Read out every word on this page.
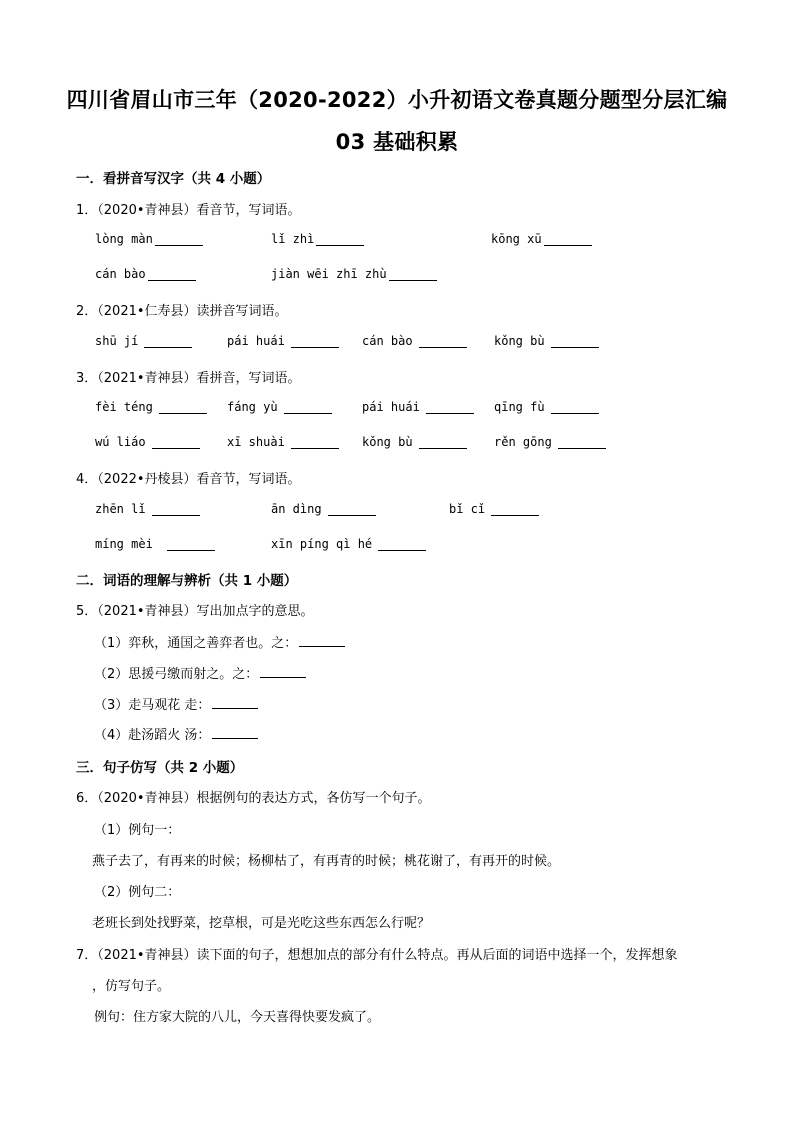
四川省眉山市三年（2020-2022）小升初语文卷真题分题型分层汇编
03 基础积累
一．看拼音写汉字（共 4 小题）
1．（2020•青神县）看音节，写词语。
lòng màn	lǐ zhì	kōng xū
cán bào	jiàn wēi zhī zhù
2．（2021•仁寿县）读拼音写词语。
shū jí	pái huái	cán bào	kǒng bù
3．（2021•青神县）看拼音，写词语。
fèi téng	fáng yù	pái huái	qīng fù
wú liáo	xī shuài	kǒng bù	rěn gōng
4．（2022•丹棱县）看音节，写词语。
zhēn lǐ	ān dìng	bǐ cǐ
míng mèi	xīn píng qì hé
二．词语的理解与辨析（共 1 小题）
5．（2021•青神县）写出加点字的意思。
（1）弈秋，通国之善弈者也。之：
（2）思援弓缴而射之。之：
（3）走马观花 走：
（4）赴汤蹈火 汤：
三．句子仿写（共 2 小题）
6．（2020•青神县）根据例句的表达方式，各仿写一个句子。
（1）例句一：
燕子去了，有再来的时候；杨柳枯了，有再青的时候；桃花谢了，有再开的时候。
（2）例句二：
老班长到处找野菜，挖草根，可是光吃这些东西怎么行呢？
7．（2021•青神县）读下面的句子，想想加点的部分有什么特点。再从后面的词语中选择一个，发挥想象
，仿写句子。
例句：住方家大院的八儿，今天喜得快要发疯了。
